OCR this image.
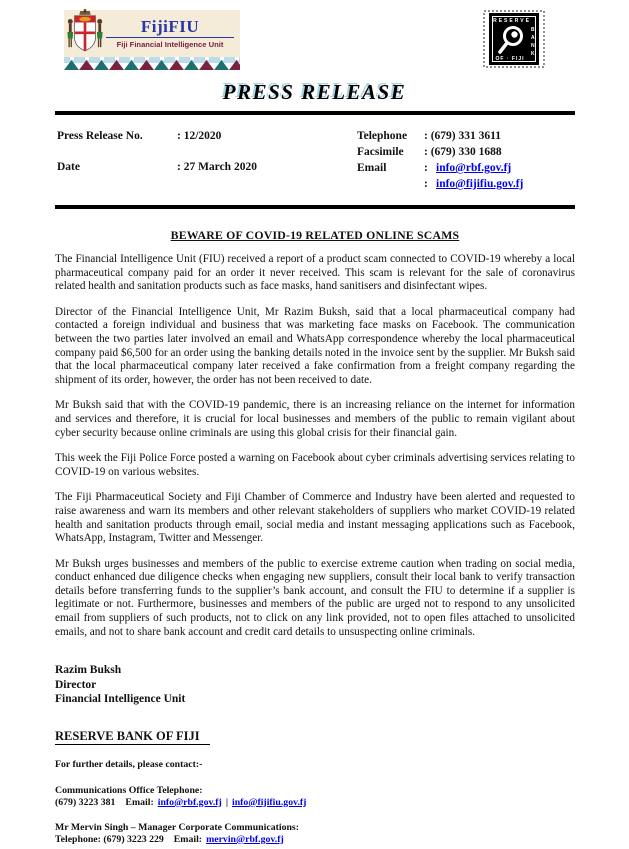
FijiFIU
Fiji Financial Intelligence Unit
RESERVE
B
A
N
K
OF · FIJI
PRESS RELEASE
Press Release No.	: 12/2020
Date	: 27 March 2020
Telephone	: (679) 331 3611
Facsimile	: (679) 330 1688
Email	: info@rbf.gov.fj
: info@fijifiu.gov.fj
BEWARE OF COVID-19 RELATED ONLINE SCAMS

The Financial Intelligence Unit (FIU) received a report of a product scam connected to COVID-19 whereby a local pharmaceutical company paid for an order it never received. This scam is relevant for the sale of coronavirus related health and sanitation products such as face masks, hand sanitisers and disinfectant wipes.

Director of the Financial Intelligence Unit, Mr Razim Buksh, said that a local pharmaceutical company had contacted a foreign individual and business that was marketing face masks on Facebook. The communication between the two parties later involved an email and WhatsApp correspondence whereby the local pharmaceutical company paid $6,500 for an order using the banking details noted in the invoice sent by the supplier. Mr Buksh said that the local pharmaceutical company later received a fake confirmation from a freight company regarding the shipment of its order, however, the order has not been received to date.

Mr Buksh said that with the COVID-19 pandemic, there is an increasing reliance on the internet for information and services and therefore, it is crucial for local businesses and members of the public to remain vigilant about cyber security because online criminals are using this global crisis for their financial gain.

This week the Fiji Police Force posted a warning on Facebook about cyber criminals advertising services relating to COVID-19 on various websites.

The Fiji Pharmaceutical Society and Fiji Chamber of Commerce and Industry have been alerted and requested to raise awareness and warn its members and other relevant stakeholders of suppliers who market COVID-19 related health and sanitation products through email, social media and instant messaging applications such as Facebook, WhatsApp, Instagram, Twitter and Messenger.

Mr Buksh urges businesses and members of the public to exercise extreme caution when trading on social media, conduct enhanced due diligence checks when engaging new suppliers, consult their local bank to verify transaction details before transferring funds to the supplier’s bank account, and consult the FIU to determine if a supplier is legitimate or not. Furthermore, businesses and members of the public are urged not to respond to any unsolicited email from suppliers of such products, not to click on any link provided, not to open files attached to unsolicited emails, and not to share bank account and credit card details to unsuspecting online criminals.

Razim Buksh
Director
Financial Intelligence Unit
RESERVE BANK OF FIJI
For further details, please contact:-
Communications Office Telephone:
(679) 3223 381 Email: info@rbf.gov.fj | info@fijifiu.gov.fj
Mr Mervin Singh – Manager Corporate Communications:
Telephone: (679) 3223 229 Email: mervin@rbf.gov.fj
